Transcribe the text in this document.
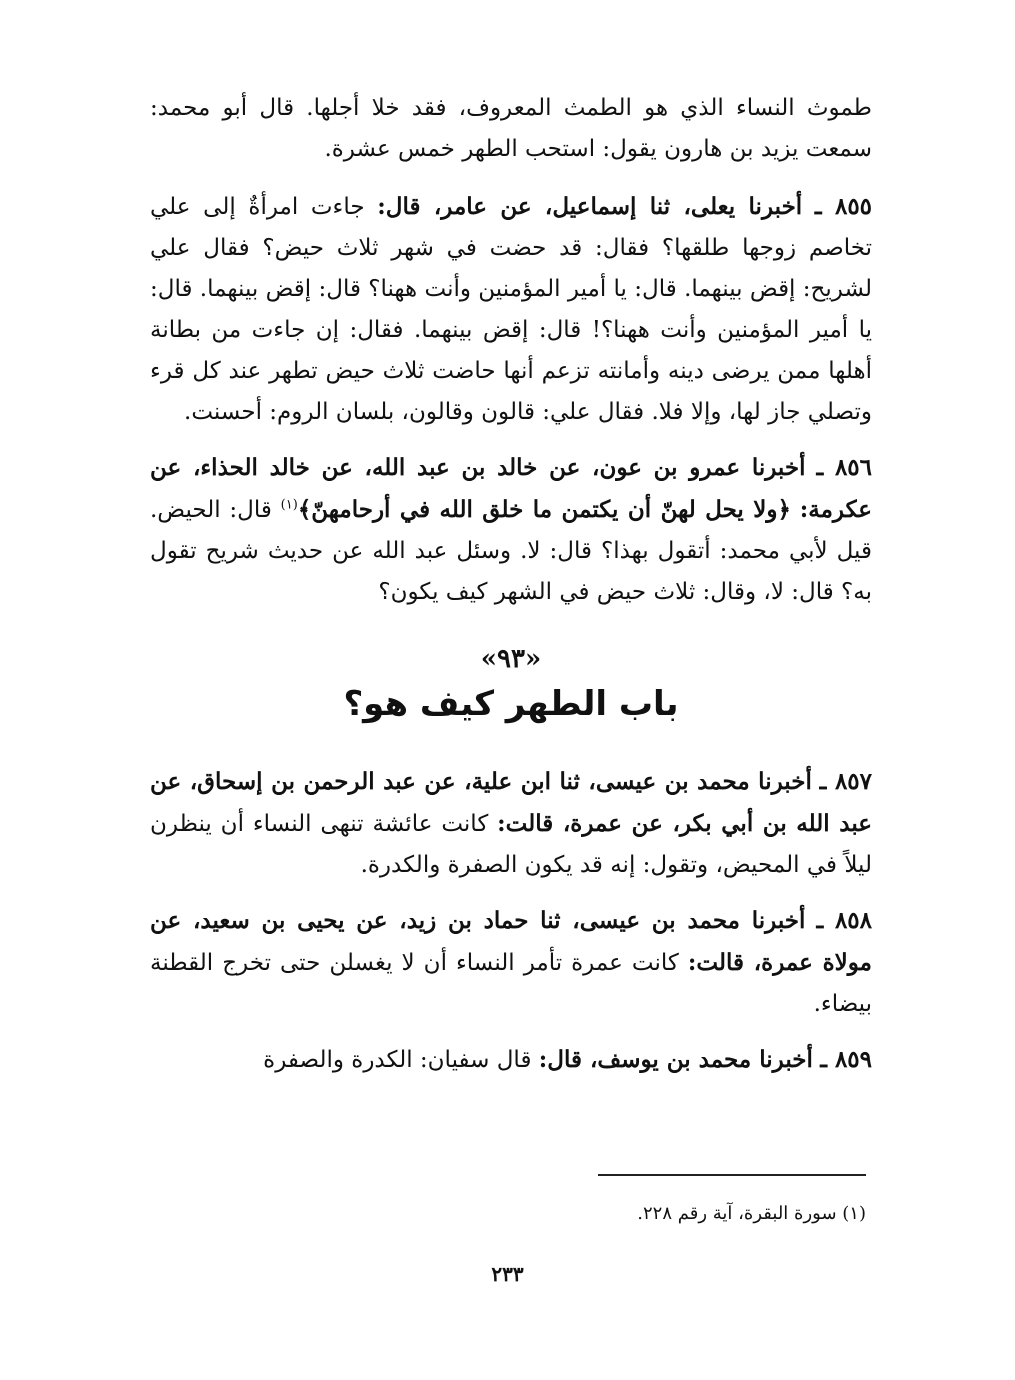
طموث النساء الذي هو الطمث المعروف، فقد خلا أجلها. قال أبو محمد: سمعت يزيد بن هارون يقول: استحب الطهر خمس عشرة.

٨٥٥ ـ أخبرنا يعلى، ثنا إسماعيل، عن عامر، قال: جاءت امرأةٌ إلى علي تخاصم زوجها طلقها؟ فقال: قد حضت في شهر ثلاث حيض؟ فقال علي لشريح: إقض بينهما. قال: يا أمير المؤمنين وأنت ههنا؟ قال: إقض بينهما. قال: يا أمير المؤمنين وأنت ههنا؟! قال: إقض بينهما. فقال: إن جاءت من بطانة أهلها ممن يرضى دينه وأمانته تزعم أنها حاضت ثلاث حيض تطهر عند كل قرء وتصلي جاز لها، وإلا فلا. فقال علي: قالون وقالون، بلسان الروم: أحسنت.

٨٥٦ ـ أخبرنا عمرو بن عون، عن خالد بن عبد الله، عن خالد الحذاء، عن عكرمة: ﴿ولا يحل لهنّ أن يكتمن ما خلق الله في أرحامهنّ﴾$^{(١)}$ قال: الحيض. قيل لأبي محمد: أتقول بهذا؟ قال: لا. وسئل عبد الله عن حديث شريح تقول به؟ قال: لا، وقال: ثلاث حيض في الشهر كيف يكون؟

«٩٣»
باب الطهر كيف هو؟

٨٥٧ ـ أخبرنا محمد بن عيسى، ثنا ابن علية، عن عبد الرحمن بن إسحاق، عن عبد الله بن أبي بكر، عن عمرة، قالت: كانت عائشة تنهى النساء أن ينظرن ليلاً في المحيض، وتقول: إنه قد يكون الصفرة والكدرة.

٨٥٨ ـ أخبرنا محمد بن عيسى، ثنا حماد بن زيد، عن يحيى بن سعيد، عن مولاة عمرة، قالت: كانت عمرة تأمر النساء أن لا يغسلن حتى تخرج القطنة بيضاء.

٨٥٩ ـ أخبرنا محمد بن يوسف، قال: قال سفيان: الكدرة والصفرة

(١) سورة البقرة، آية رقم ٢٢٨.
٢٣٣
